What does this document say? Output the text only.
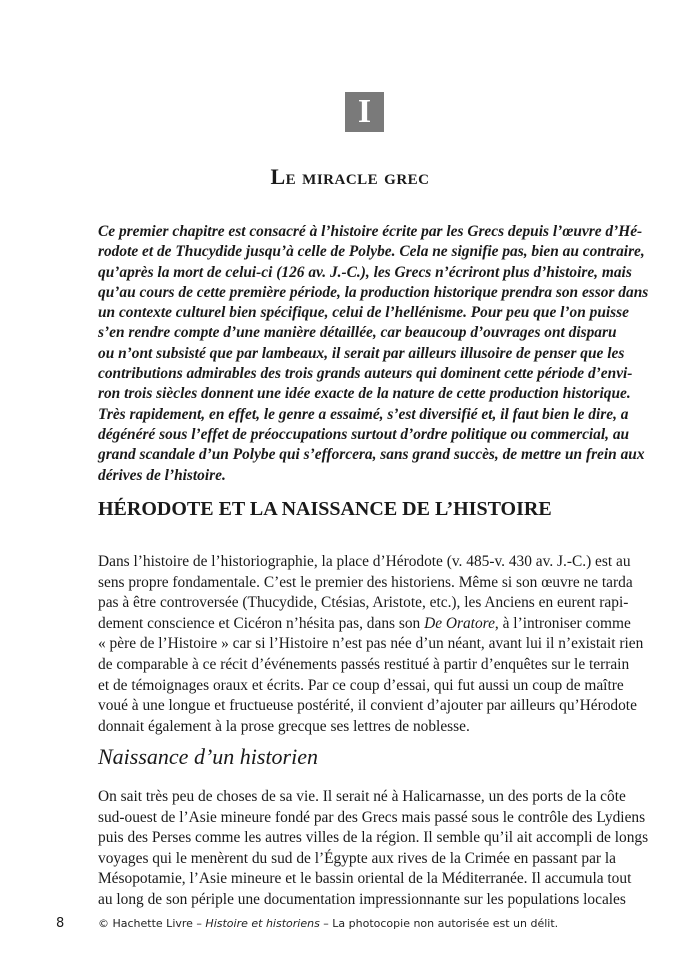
I
Le miracle grec
Ce premier chapitre est consacré à l’histoire écrite par les Grecs depuis l’œuvre d’Hé-
rodote et de Thucydide jusqu’à celle de Polybe. Cela ne signifie pas, bien au contraire,
qu’après la mort de celui-ci (126 av. J.-C.), les Grecs n’écriront plus d’histoire, mais
qu’au cours de cette première période, la production historique prendra son essor dans
un contexte culturel bien spécifique, celui de l’hellénisme. Pour peu que l’on puisse
s’en rendre compte d’une manière détaillée, car beaucoup d’ouvrages ont disparu
ou n’ont subsisté que par lambeaux, il serait par ailleurs illusoire de penser que les
contributions admirables des trois grands auteurs qui dominent cette période d’envi-
ron trois siècles donnent une idée exacte de la nature de cette production historique.
Très rapidement, en effet, le genre a essaimé, s’est diversifié et, il faut bien le dire, a
dégénéré sous l’effet de préoccupations surtout d’ordre politique ou commercial, au
grand scandale d’un Polybe qui s’efforcera, sans grand succès, de mettre un frein aux
dérives de l’histoire.
HÉRODOTE ET LA NAISSANCE DE L’HISTOIRE
Dans l’histoire de l’historiographie, la place d’Hérodote (v. 485-v. 430 av. J.-C.) est au
sens propre fondamentale. C’est le premier des historiens. Même si son œuvre ne tarda
pas à être controversée (Thucydide, Ctésias, Aristote, etc.), les Anciens en eurent rapi-
dement conscience et Cicéron n’hésita pas, dans son De Oratore, à l’introniser comme
« père de l’Histoire » car si l’Histoire n’est pas née d’un néant, avant lui il n’existait rien
de comparable à ce récit d’événements passés restitué à partir d’enquêtes sur le terrain
et de témoignages oraux et écrits. Par ce coup d’essai, qui fut aussi un coup de maître
voué à une longue et fructueuse postérité, il convient d’ajouter par ailleurs qu’Hérodote
donnait également à la prose grecque ses lettres de noblesse.
Naissance d’un historien
On sait très peu de choses de sa vie. Il serait né à Halicarnasse, un des ports de la côte
sud-ouest de l’Asie mineure fondé par des Grecs mais passé sous le contrôle des Lydiens
puis des Perses comme les autres villes de la région. Il semble qu’il ait accompli de longs
voyages qui le menèrent du sud de l’Égypte aux rives de la Crimée en passant par la
Mésopotamie, l’Asie mineure et le bassin oriental de la Méditerranée. Il accumula tout
au long de son périple une documentation impressionnante sur les populations locales
8	© Hachette Livre – Histoire et historiens – La photocopie non autorisée est un délit.
